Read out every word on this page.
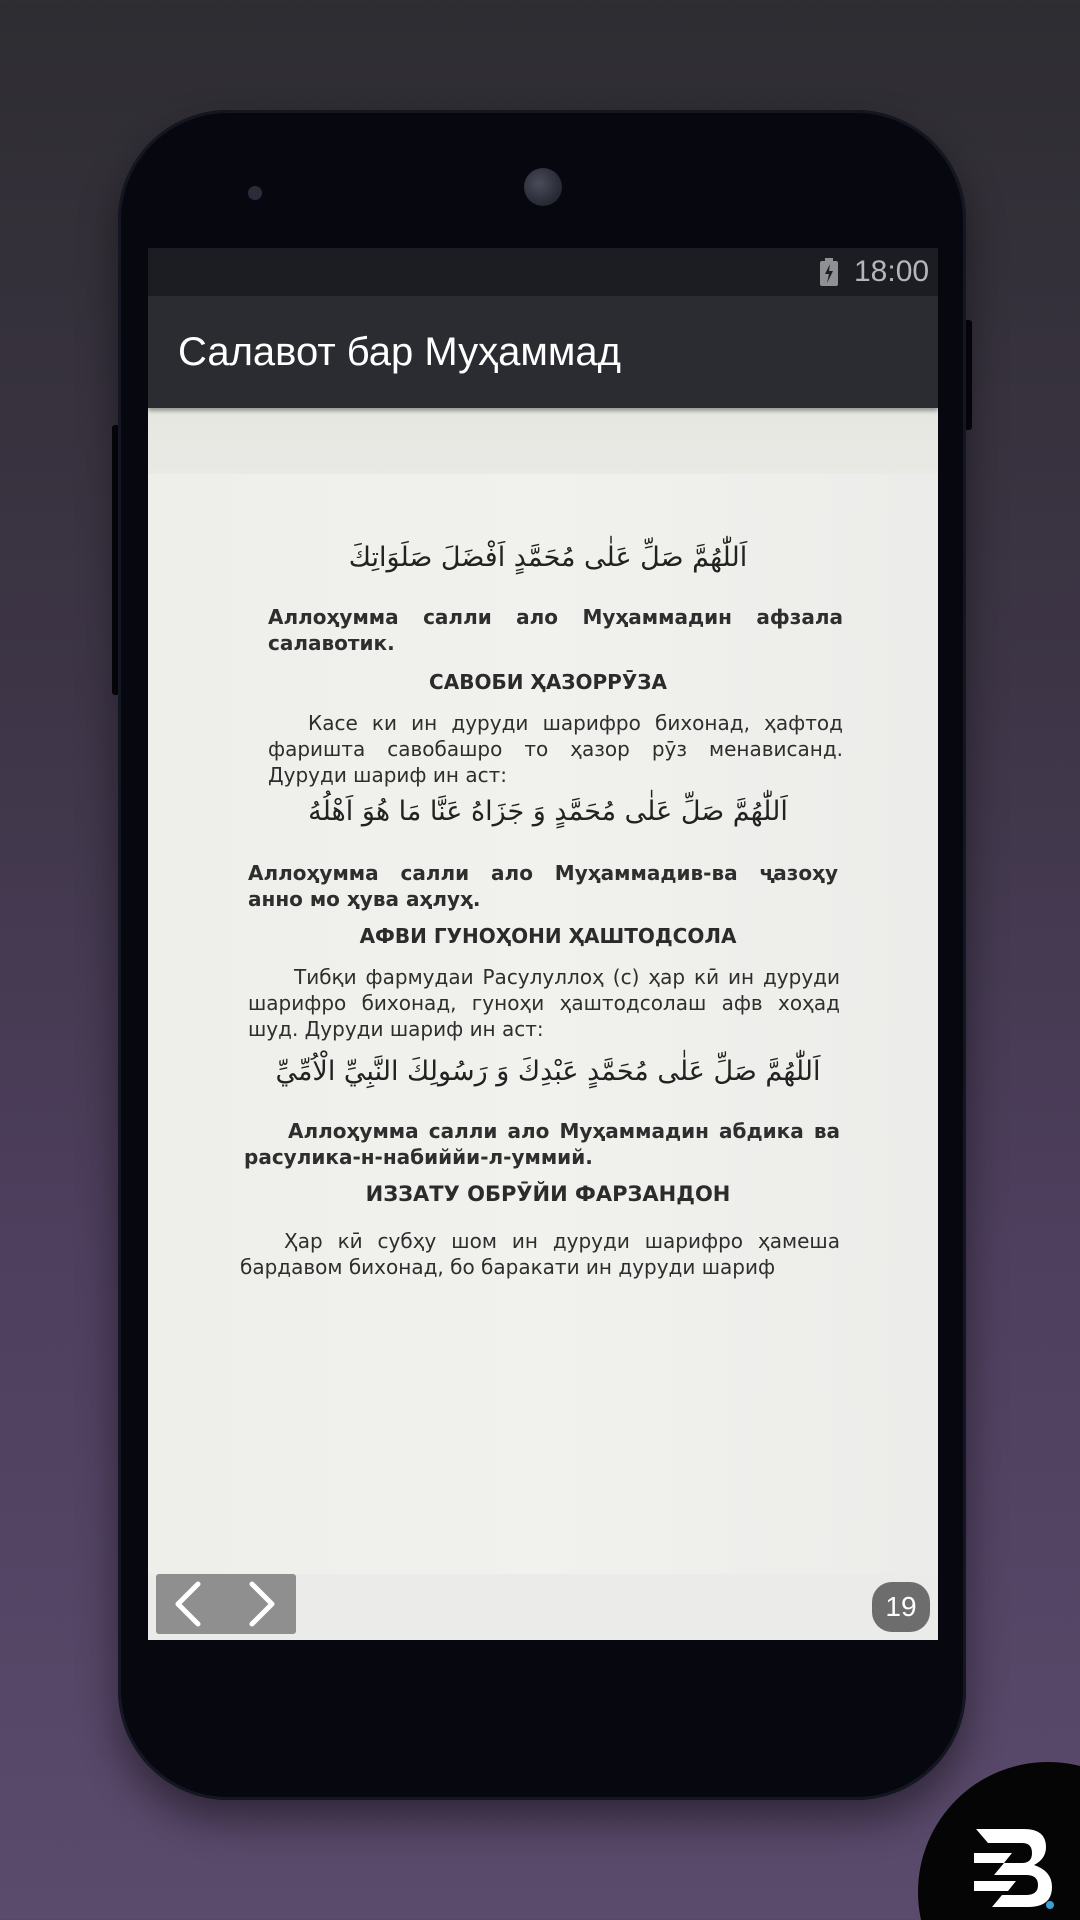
18:00
Салавот бар Муҳаммад
اَللّٰهُمَّ صَلِّ عَلٰى مُحَمَّدٍ اَفْضَلَ صَلَوَاتِكَ
Аллоҳумма салли ало Муҳаммадин афзала салавотик.
САВОБИ ҲАЗОРРӮЗА
Касе ки ин дуруди шарифро бихонад, ҳафтод фаришта савобашро то ҳазор рӯз менависанд. Дуруди шариф ин аст:
اَللّٰهُمَّ صَلِّ عَلٰى مُحَمَّدٍ وَ جَزَاهُ عَنَّا مَا هُوَ اَهْلُهُ
Аллоҳумма салли ало Муҳаммадив-ва ҷазоҳу анно мо ҳува аҳлуҳ.
АФВИ ГУНОҲОНИ ҲАШТОДСОЛА
Тибқи фармудаи Расулуллоҳ (с) ҳар кӣ ин дуруди шарифро бихонад, гуноҳи ҳаштодсолаш афв хоҳад шуд. Дуруди шариф ин аст:
اَللّٰهُمَّ صَلِّ عَلٰى مُحَمَّدٍ عَبْدِكَ وَ رَسُولِكَ النَّبِيِّ الْاُمِّيِّ
Аллоҳумма салли ало Муҳаммадин абдика ва расулика-н-набиййи-л-уммий.
ИЗЗАТУ ОБРӮЙИ ФАРЗАНДОН
Ҳар кӣ субҳу шом ин дуруди шарифро ҳамеша бардавом бихонад, бо баракати ин дуруди шариф
19
